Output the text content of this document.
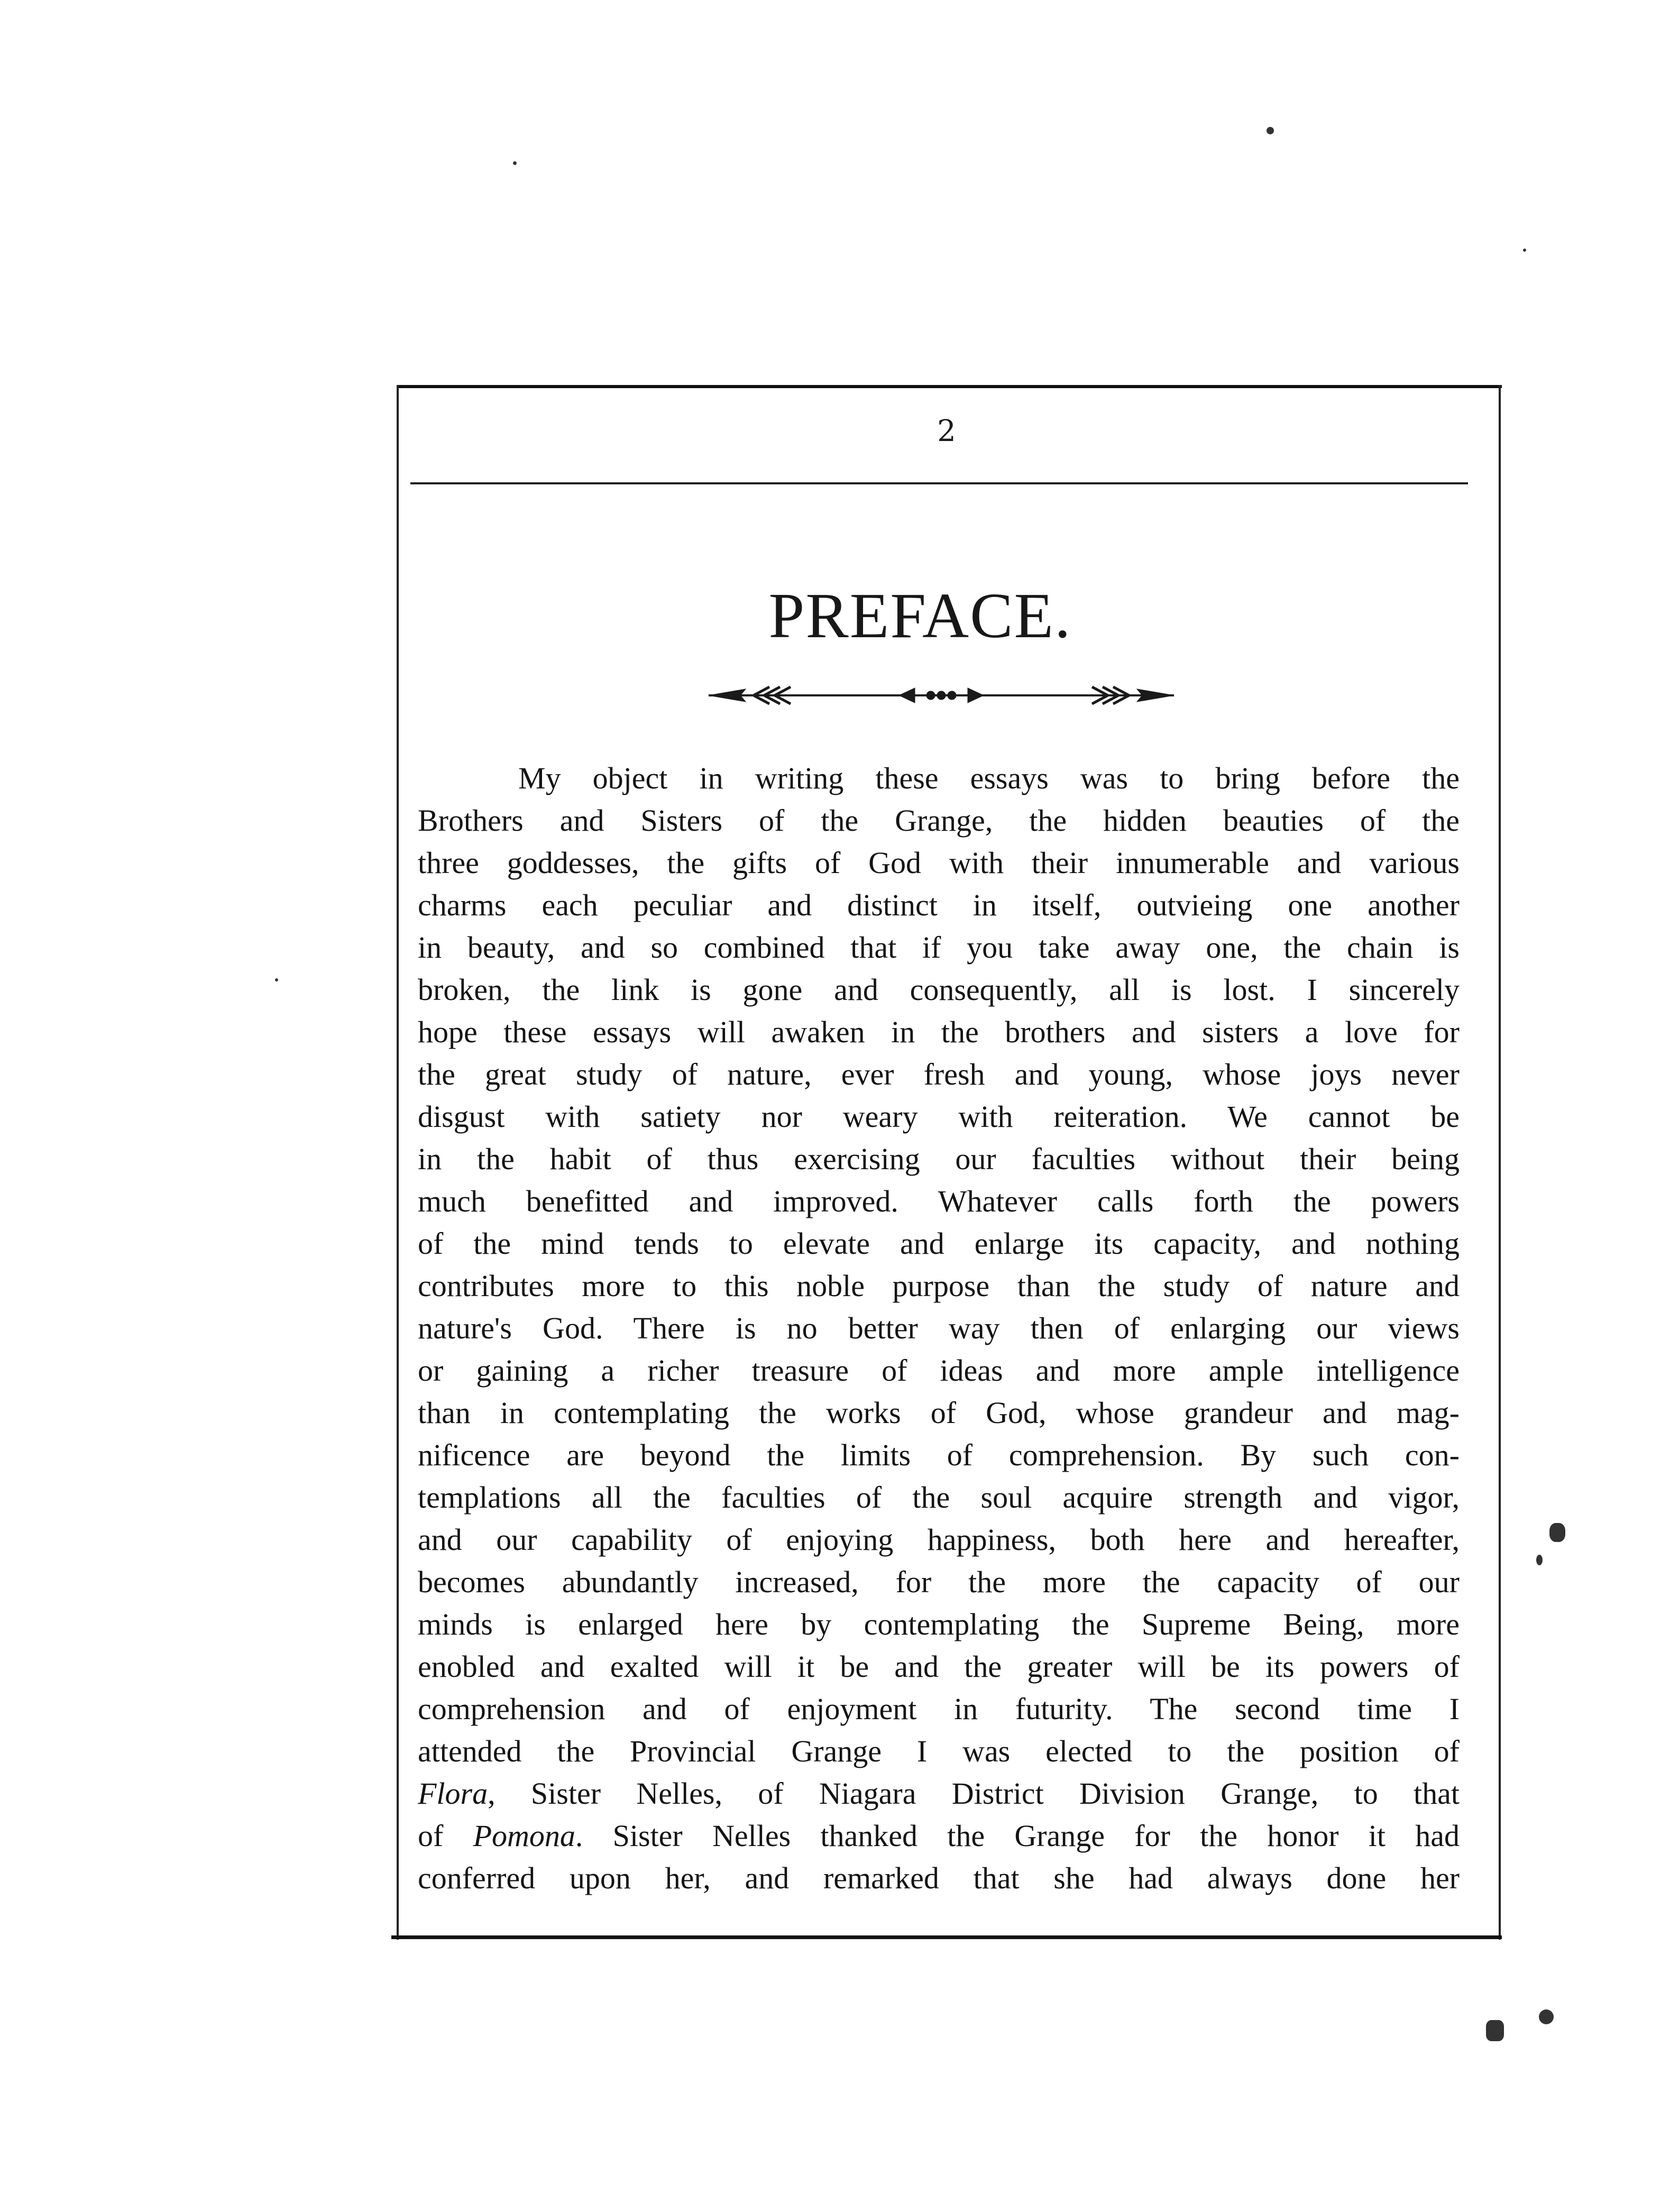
2
PREFACE.
My object in writing these essays was to bring before the
Brothers and Sisters of the Grange, the hidden beauties of the
three goddesses, the gifts of God with their innumerable and various
charms each peculiar and distinct in itself, outvieing one another
in beauty, and so combined that if you take away one, the chain is
broken, the link is gone and consequently, all is lost. I sincerely
hope these essays will awaken in the brothers and sisters a love for
the great study of nature, ever fresh and young, whose joys never
disgust with satiety nor weary with reiteration. We cannot be
in the habit of thus exercising our faculties without their being
much benefitted and improved. Whatever calls forth the powers
of the mind tends to elevate and enlarge its capacity, and nothing
contributes more to this noble purpose than the study of nature and
nature's God. There is no better way then of enlarging our views
or gaining a richer treasure of ideas and more ample intelligence
than in contemplating the works of God, whose grandeur and mag-
nificence are beyond the limits of comprehension. By such con-
templations all the faculties of the soul acquire strength and vigor,
and our capability of enjoying happiness, both here and hereafter,
becomes abundantly increased, for the more the capacity of our
minds is enlarged here by contemplating the Supreme Being, more
enobled and exalted will it be and the greater will be its powers of
comprehension and of enjoyment in futurity. The second time I
attended the Provincial Grange I was elected to the position of
Flora, Sister Nelles, of Niagara District Division Grange, to that
of Pomona. Sister Nelles thanked the Grange for the honor it had
conferred upon her, and remarked that she had always done her
